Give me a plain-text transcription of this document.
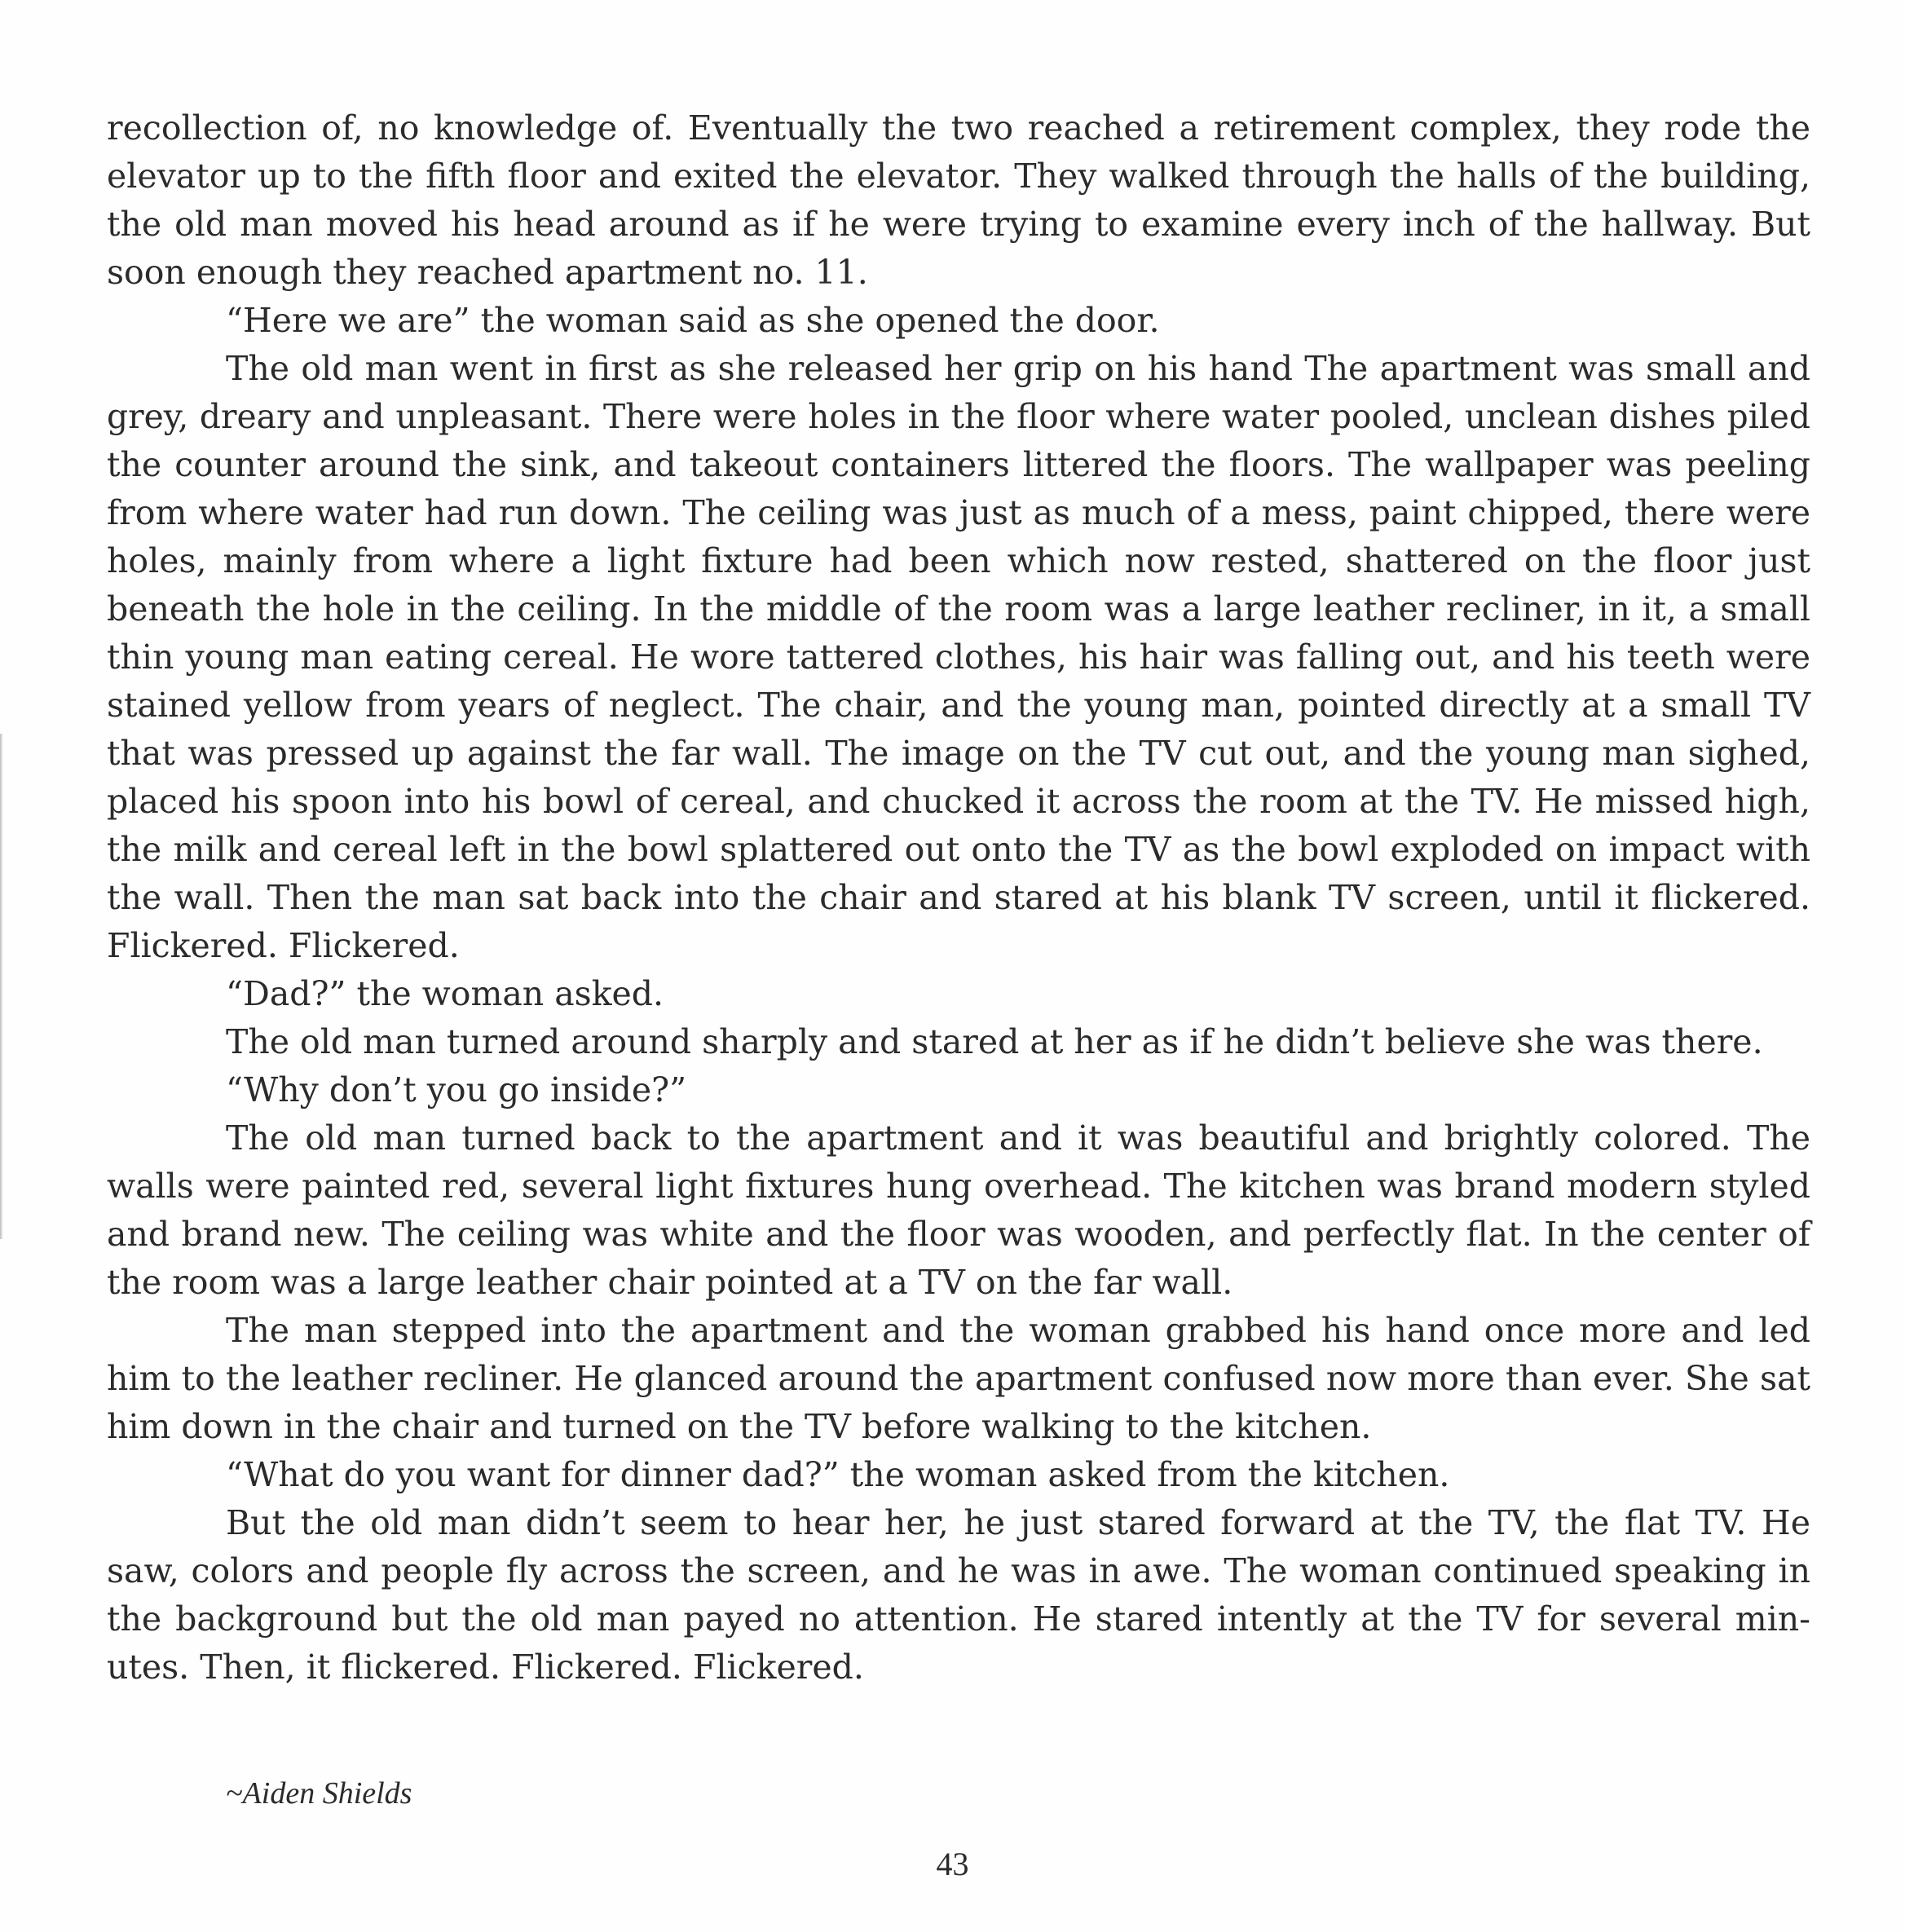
recollection of, no knowledge of. Eventually the two reached a retirement complex, they rode the
elevator up to the fifth floor and exited the elevator. They walked through the halls of the building,
the old man moved his head around as if he were trying to examine every inch of the hallway. But
soon enough they reached apartment no. 11.
“Here we are” the woman said as she opened the door.
The old man went in first as she released her grip on his hand The apartment was small and
grey, dreary and unpleasant. There were holes in the floor where water pooled, unclean dishes piled
the counter around the sink, and takeout containers littered the floors. The wallpaper was peeling
from where water had run down. The ceiling was just as much of a mess, paint chipped, there were
holes, mainly from where a light fixture had been which now rested, shattered on the floor just
beneath the hole in the ceiling. In the middle of the room was a large leather recliner, in it, a small
thin young man eating cereal. He wore tattered clothes, his hair was falling out, and his teeth were
stained yellow from years of neglect. The chair, and the young man, pointed directly at a small TV
that was pressed up against the far wall. The image on the TV cut out, and the young man sighed,
placed his spoon into his bowl of cereal, and chucked it across the room at the TV. He missed high,
the milk and cereal left in the bowl splattered out onto the TV as the bowl exploded on impact with
the wall. Then the man sat back into the chair and stared at his blank TV screen, until it flickered.
Flickered. Flickered.
“Dad?” the woman asked.
The old man turned around sharply and stared at her as if he didn’t believe she was there.
“Why don’t you go inside?”
The old man turned back to the apartment and it was beautiful and brightly colored. The
walls were painted red, several light fixtures hung overhead. The kitchen was brand modern styled
and brand new. The ceiling was white and the floor was wooden, and perfectly flat. In the center of
the room was a large leather chair pointed at a TV on the far wall.
The man stepped into the apartment and the woman grabbed his hand once more and led
him to the leather recliner. He glanced around the apartment confused now more than ever. She sat
him down in the chair and turned on the TV before walking to the kitchen.
“What do you want for dinner dad?” the woman asked from the kitchen.
But the old man didn’t seem to hear her, he just stared forward at the TV, the flat TV. He
saw, colors and people fly across the screen, and he was in awe. The woman continued speaking in
the background but the old man payed no attention. He stared intently at the TV for several min-
utes. Then, it flickered. Flickered. Flickered.
~Aiden Shields
43
